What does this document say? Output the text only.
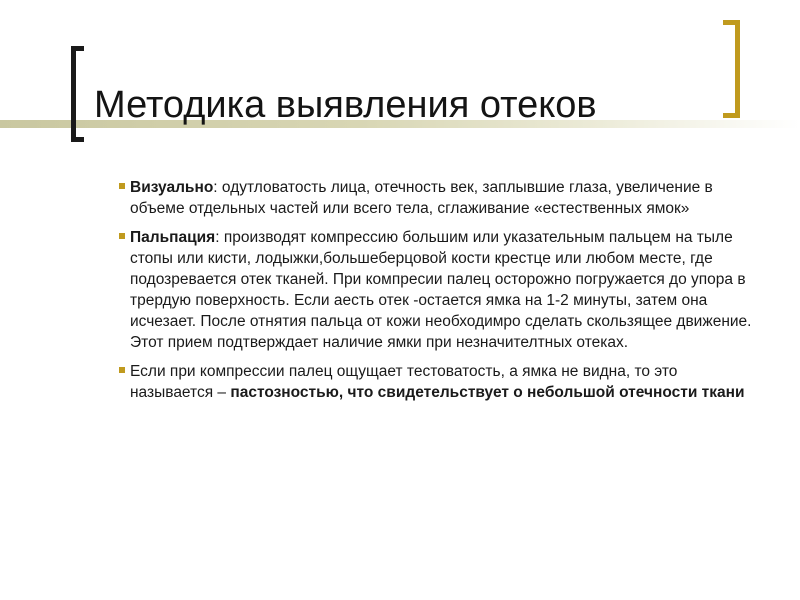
Методика выявления отеков
Визуально: одутловатость лица, отечность век, заплывшие глаза, увеличение в объеме отдельных частей или всего тела, сглаживание «естественных ямок»
Пальпация: производят компрессию большим или указательным пальцем на тыле стопы или кисти, лодыжки,большеберцовой кости крестце или любом месте, где подозревается отек тканей. При компресии палец осторожно погружается до упора в трердую поверхность. Если аесть отек -остается ямка на 1-2 минуты, затем она исчезает. После отнятия пальца от кожи необходимро сделать скользящее движение. Этот прием подтверждает наличие ямки при незначителтных отеках.
Если при компрессии палец ощущает тестоватость, а ямка не видна, то это называется – пастозностью, что свидетельствует о небольшой отечности ткани
